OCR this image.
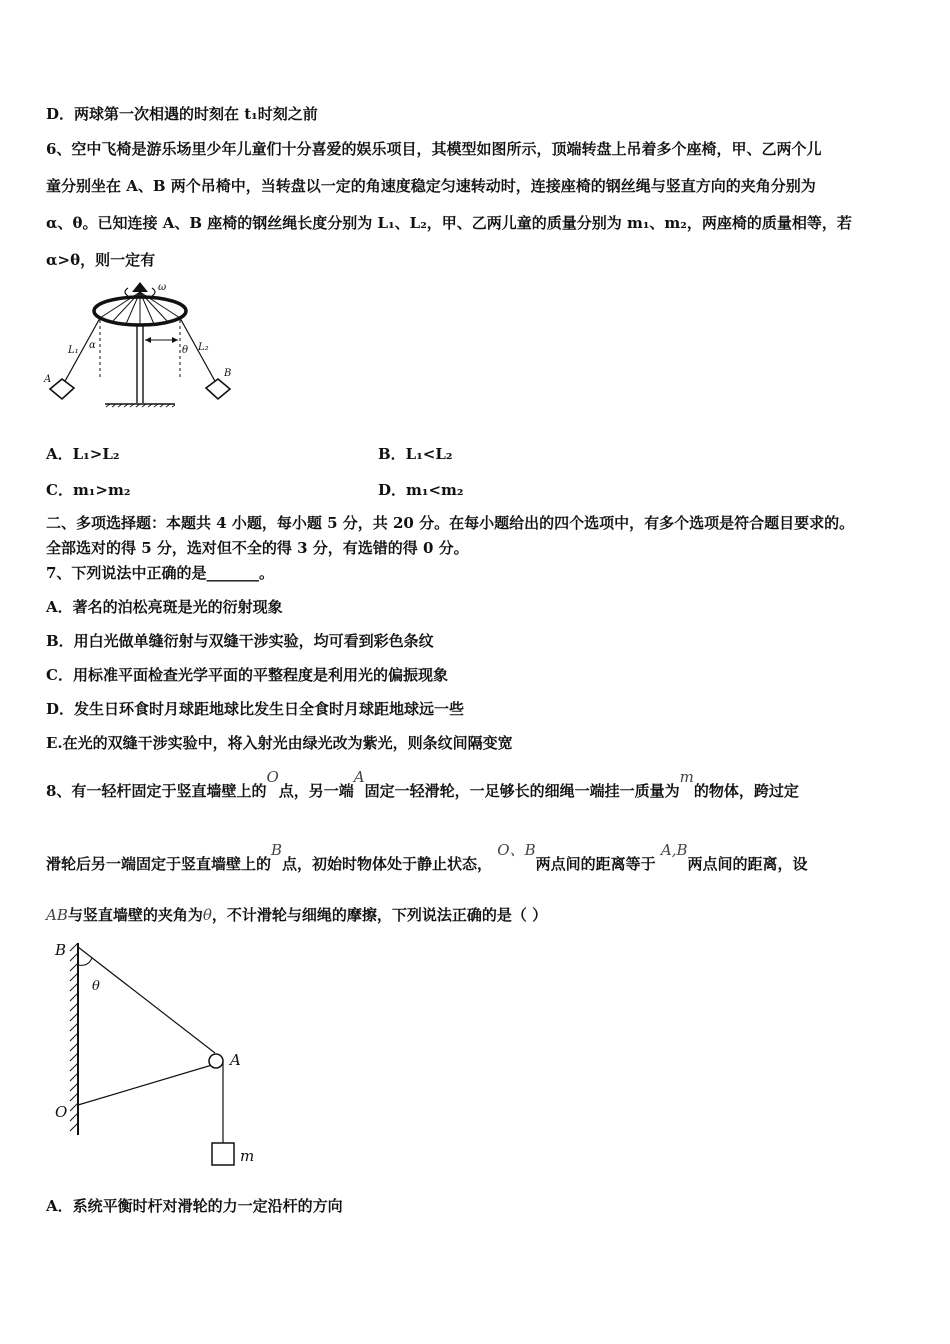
D．两球第一次相遇的时刻在 t₁时刻之前
6、空中飞椅是游乐场里少年儿童们十分喜爱的娱乐项目，其模型如图所示，顶端转盘上吊着多个座椅，甲、乙两个儿
童分别坐在 A、B 两个吊椅中，当转盘以一定的角速度稳定匀速转动时，连接座椅的钢丝绳与竖直方向的夹角分别为
α、θ。已知连接 A、B 座椅的钢丝绳长度分别为 L₁、L₂，甲、乙两儿童的质量分别为 m₁、m₂，两座椅的质量相等，若
α>θ，则一定有
ω
L₁ α	θ L₂
A
B
A．L₁>L₂	B．L₁<L₂
C．m₁>m₂	D．m₁<m₂
二、多项选择题：本题共 4 小题，每小题 5 分，共 20 分。在每小题给出的四个选项中，有多个选项是符合题目要求的。
全部选对的得 5 分，选对但不全的得 3 分，有选错的得 0 分。
7、下列说法中正确的是_______。
A．著名的泊松亮斑是光的衍射现象
B．用白光做单缝衍射与双缝干涉实验，均可看到彩色条纹
C．用标准平面检查光学平面的平整程度是利用光的偏振现象
D．发生日环食时月球距地球比发生日全食时月球距地球远一些
E.在光的双缝干涉实验中，将入射光由绿光改为紫光，则条纹间隔变宽
8、有一轻杆固定于竖直墙壁上的O点，另一端A固定一轻滑轮，一足够长的细绳一端挂一质量为m的物体，跨过定
滑轮后另一端固定于竖直墙壁上的B点，初始时物体处于静止状态， O、B两点间的距离等于 A,B两点间的距离，设
AB与竖直墙壁的夹角为θ，不计滑轮与细绳的摩擦，下列说法正确的是（ ）
B
θ
A
O
m
A．系统平衡时杆对滑轮的力一定沿杆的方向
